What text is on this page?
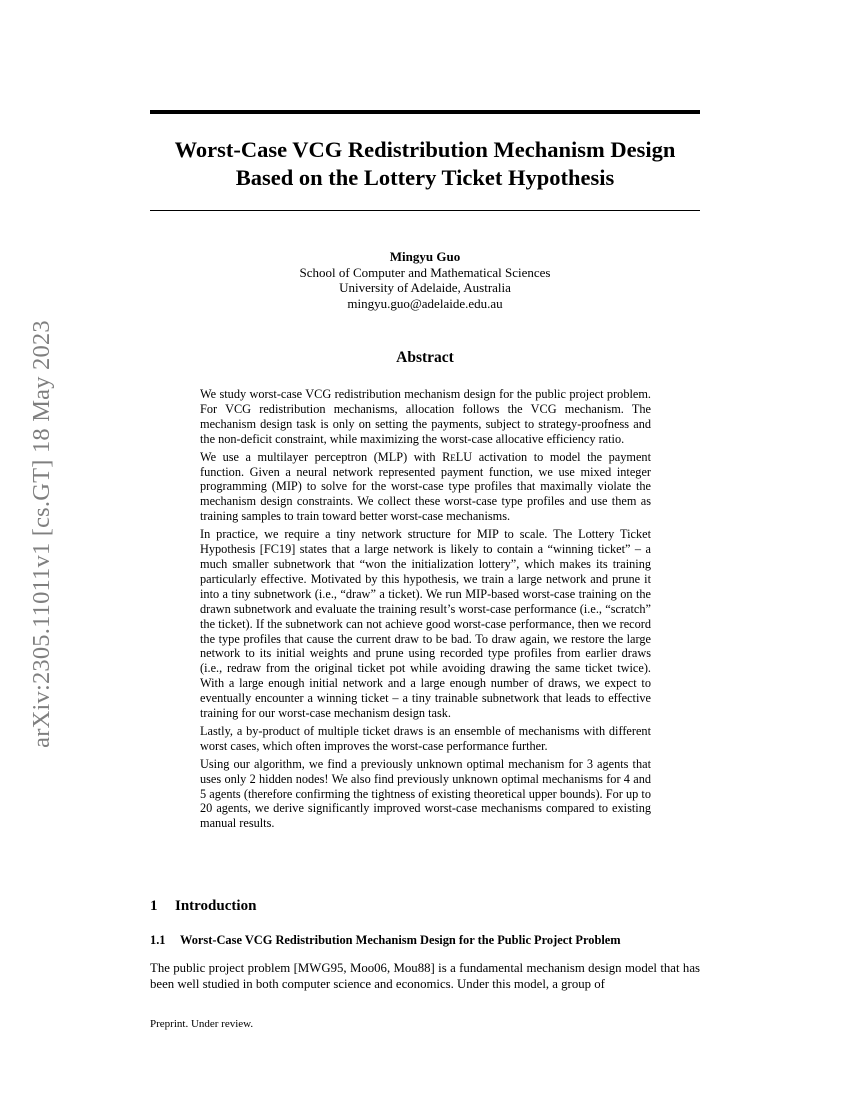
arXiv:2305.11011v1 [cs.GT] 18 May 2023
Worst-Case VCG Redistribution Mechanism Design Based on the Lottery Ticket Hypothesis
Mingyu Guo
School of Computer and Mathematical Sciences
University of Adelaide, Australia
mingyu.guo@adelaide.edu.au
Abstract

We study worst-case VCG redistribution mechanism design for the public project problem. For VCG redistribution mechanisms, allocation follows the VCG mechanism. The mechanism design task is only on setting the payments, subject to strategy-proofness and the non-deficit constraint, while maximizing the worst-case allocative efficiency ratio.

We use a multilayer perceptron (MLP) with ReLU activation to model the payment function. Given a neural network represented payment function, we use mixed integer programming (MIP) to solve for the worst-case type profiles that maximally violate the mechanism design constraints. We collect these worst-case type profiles and use them as training samples to train toward better worst-case mechanisms.

In practice, we require a tiny network structure for MIP to scale. The Lottery Ticket Hypothesis [FC19] states that a large network is likely to contain a “winning ticket” – a much smaller subnetwork that “won the initialization lottery”, which makes its training particularly effective. Motivated by this hypothesis, we train a large network and prune it into a tiny subnetwork (i.e., “draw” a ticket). We run MIP-based worst-case training on the drawn subnetwork and evaluate the training result’s worst-case performance (i.e., “scratch” the ticket). If the subnetwork can not achieve good worst-case performance, then we record the type profiles that cause the current draw to be bad. To draw again, we restore the large network to its initial weights and prune using recorded type profiles from earlier draws (i.e., redraw from the original ticket pot while avoiding drawing the same ticket twice). With a large enough initial network and a large enough number of draws, we expect to eventually encounter a winning ticket – a tiny trainable subnetwork that leads to effective training for our worst-case mechanism design task.

Lastly, a by-product of multiple ticket draws is an ensemble of mechanisms with different worst cases, which often improves the worst-case performance further.

Using our algorithm, we find a previously unknown optimal mechanism for 3 agents that uses only 2 hidden nodes! We also find previously unknown optimal mechanisms for 4 and 5 agents (therefore confirming the tightness of existing theoretical upper bounds). For up to 20 agents, we derive significantly improved worst-case mechanisms compared to existing manual results.

1 Introduction
1.1 Worst-Case VCG Redistribution Mechanism Design for the Public Project Problem

The public project problem [MWG95, Moo06, Mou88] is a fundamental mechanism design model that has been well studied in both computer science and economics. Under this model, a group of

Preprint. Under review.
